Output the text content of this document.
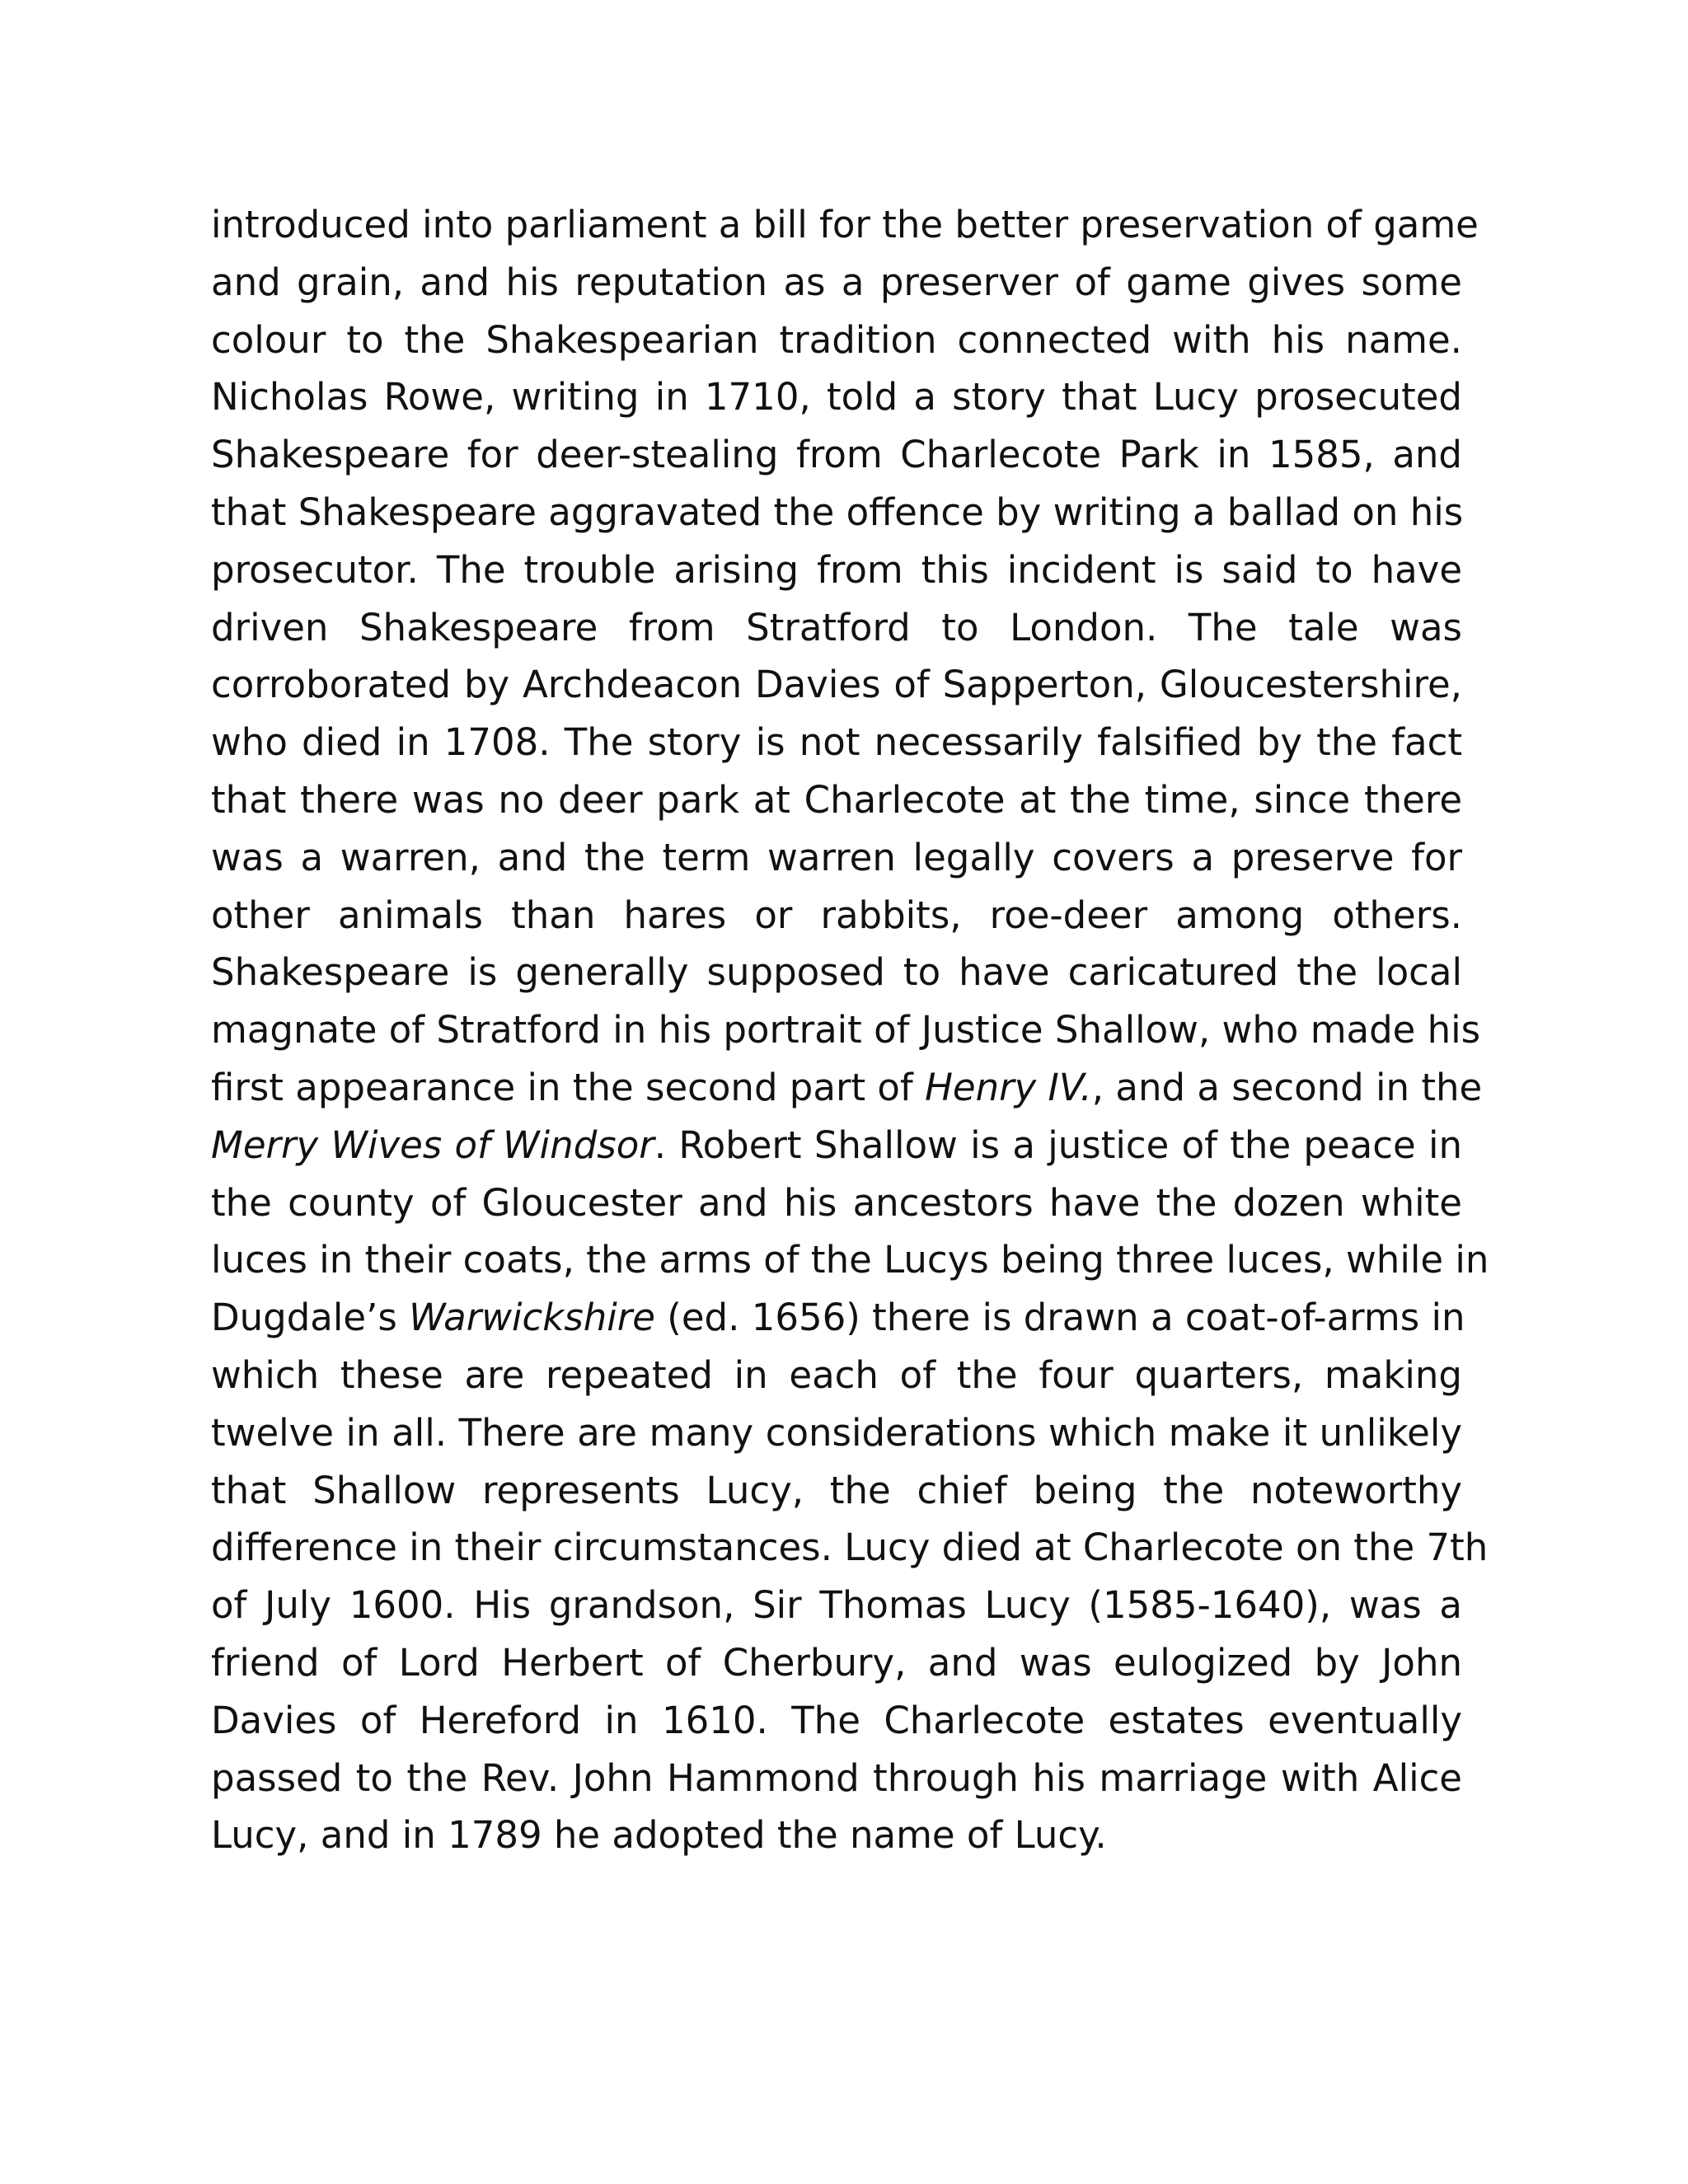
introduced into parliament a bill for the better preservation of game
and grain, and his reputation as a preserver of game gives some
colour to the Shakespearian tradition connected with his name.
Nicholas Rowe, writing in 1710, told a story that Lucy prosecuted
Shakespeare for deer-stealing from Charlecote Park in 1585, and
that Shakespeare aggravated the offence by writing a ballad on his
prosecutor. The trouble arising from this incident is said to have
driven Shakespeare from Stratford to London. The tale was
corroborated by Archdeacon Davies of Sapperton, Gloucestershire,
who died in 1708. The story is not necessarily falsified by the fact
that there was no deer park at Charlecote at the time, since there
was a warren, and the term warren legally covers a preserve for
other animals than hares or rabbits, roe-deer among others.
Shakespeare is generally supposed to have caricatured the local
magnate of Stratford in his portrait of Justice Shallow, who made his
first appearance in the second part of Henry IV., and a second in the
Merry Wives of Windsor. Robert Shallow is a justice of the peace in
the county of Gloucester and his ancestors have the dozen white
luces in their coats, the arms of the Lucys being three luces, while in
Dugdale’s Warwickshire (ed. 1656) there is drawn a coat-of-arms in
which these are repeated in each of the four quarters, making
twelve in all. There are many considerations which make it unlikely
that Shallow represents Lucy, the chief being the noteworthy
difference in their circumstances. Lucy died at Charlecote on the 7th
of July 1600. His grandson, Sir Thomas Lucy (1585-1640), was a
friend of Lord Herbert of Cherbury, and was eulogized by John
Davies of Hereford in 1610. The Charlecote estates eventually
passed to the Rev. John Hammond through his marriage with Alice
Lucy, and in 1789 he adopted the name of Lucy.
